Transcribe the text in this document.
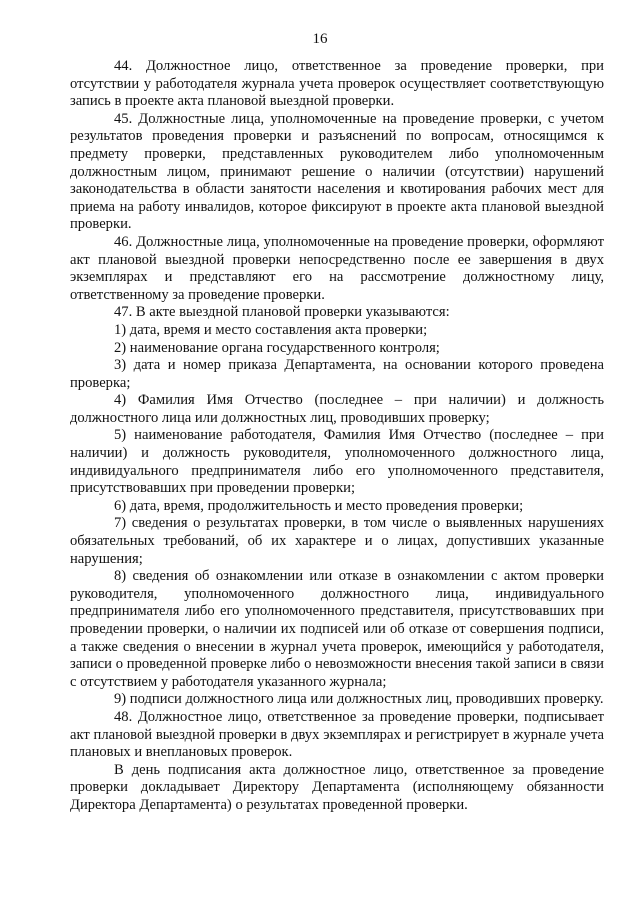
16

44. Должностное лицо, ответственное за проведение проверки, при отсутствии у работодателя журнала учета проверок осуществляет соответствующую запись в проекте акта плановой выездной проверки.

45. Должностные лица, уполномоченные на проведение проверки, с учетом результатов проведения проверки и разъяснений по вопросам, относящимся к предмету проверки, представленных руководителем либо уполномоченным должностным лицом, принимают решение о наличии (отсутствии) нарушений законодательства в области занятости населения и квотирования рабочих мест для приема на работу инвалидов, которое фиксируют в проекте акта плановой выездной проверки.

46. Должностные лица, уполномоченные на проведение проверки, оформляют акт плановой выездной проверки непосредственно после ее завершения в двух экземплярах и представляют его на рассмотрение должностному лицу, ответственному за проведение проверки.

47. В акте выездной плановой проверки указываются:

1) дата, время и место составления акта проверки;

2) наименование органа государственного контроля;

3) дата и номер приказа Департамента, на основании которого проведена проверка;

4) Фамилия Имя Отчество (последнее – при наличии) и должность должностного лица или должностных лиц, проводивших проверку;

5) наименование работодателя, Фамилия Имя Отчество (последнее – при наличии) и должность руководителя, уполномоченного должностного лица, индивидуального предпринимателя либо его уполномоченного представителя, присутствовавших при проведении проверки;

6) дата, время, продолжительность и место проведения проверки;

7) сведения о результатах проверки, в том числе о выявленных нарушениях обязательных требований, об их характере и о лицах, допустивших указанные нарушения;

8) сведения об ознакомлении или отказе в ознакомлении с актом проверки руководителя, уполномоченного должностного лица, индивидуального предпринимателя либо его уполномоченного представителя, присутствовавших при проведении проверки, о наличии их подписей или об отказе от совершения подписи, а также сведения о внесении в журнал учета проверок, имеющийся у работодателя, записи о проведенной проверке либо о невозможности внесения такой записи в связи с отсутствием у работодателя указанного журнала;

9) подписи должностного лица или должностных лиц, проводивших проверку.

48. Должностное лицо, ответственное за проведение проверки, подписывает акт плановой выездной проверки в двух экземплярах и регистрирует в журнале учета плановых и внеплановых проверок.

В день подписания акта должностное лицо, ответственное за проведение проверки докладывает Директору Департамента (исполняющему обязанности Директора Департамента) о результатах проведенной проверки.
